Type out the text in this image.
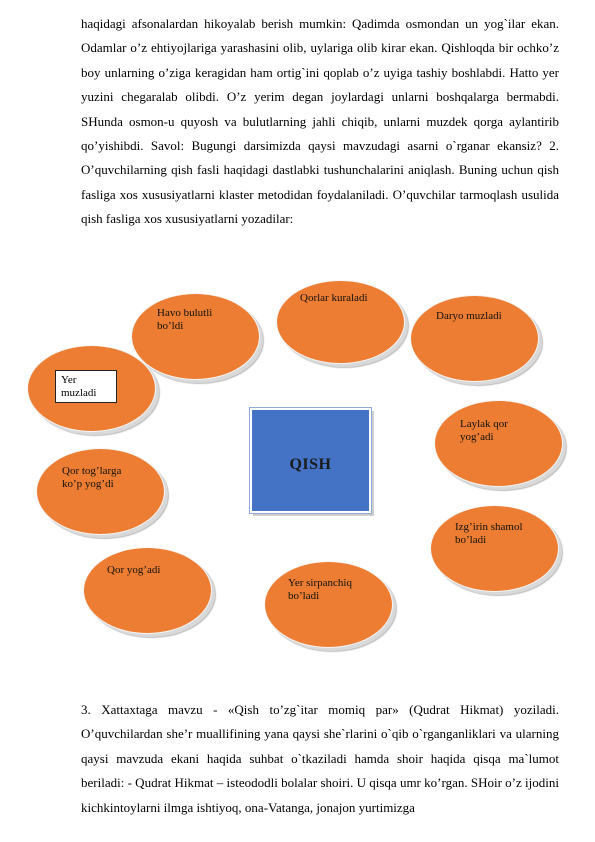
haqidagi afsonalardan hikoyalab berish mumkin: Qadimda osmondan un yog`ilar ekan. Odamlar o’z ehtiyojlariga yarashasini olib, uylariga olib kirar ekan. Qishloqda bir ochko’z boy unlarning o’ziga keragidan ham ortig`ini qoplab o’z uyiga tashiy boshlabdi. Hatto yer yuzini chegaralab olibdi. O’z yerim degan joylardagi unlarni boshqalarga bermabdi. SHunda osmon-u quyosh va bulutlarning jahli chiqib, unlarni muzdek qorga aylantirib qo’yishibdi. Savol: Bugungi darsimizda qaysi mavzudagi asarni o`rganar ekansiz? 2. O’quvchilarning qish fasli haqidagi dastlabki tushunchalarini aniqlash. Buning uchun qish fasliga xos xususiyatlarni klaster metodidan foydalaniladi. O’quvchilar tarmoqlash usulida qish fasliga xos xususiyatlarni yozadilar:

Qorlar kuraladi
Havo bulutli bo’ldi
Daryo muzladi
Yer muzladi
Laylak qor yog’adi
Qor tog’larga ko’p yog’di
Izg’irin shamol bo’ladi
Qor yog’adi
Yer sirpanchiq bo’ladi
QISH

3. Xattaxtaga mavzu - «Qish to’zg`itar momiq par» (Qudrat Hikmat) yoziladi. O’quvchilardan she’r muallifining yana qaysi she`rlarini o`qib o`rganganliklari va ularning qaysi mavzuda ekani haqida suhbat o`tkaziladi hamda shoir haqida qisqa ma`lumot beriladi: - Qudrat Hikmat – isteododli bolalar shoiri. U qisqa umr ko’rgan. SHoir o’z ijodini kichkintoylarni ilmga ishtiyoq, ona-Vatanga, jonajon yurtimizga
